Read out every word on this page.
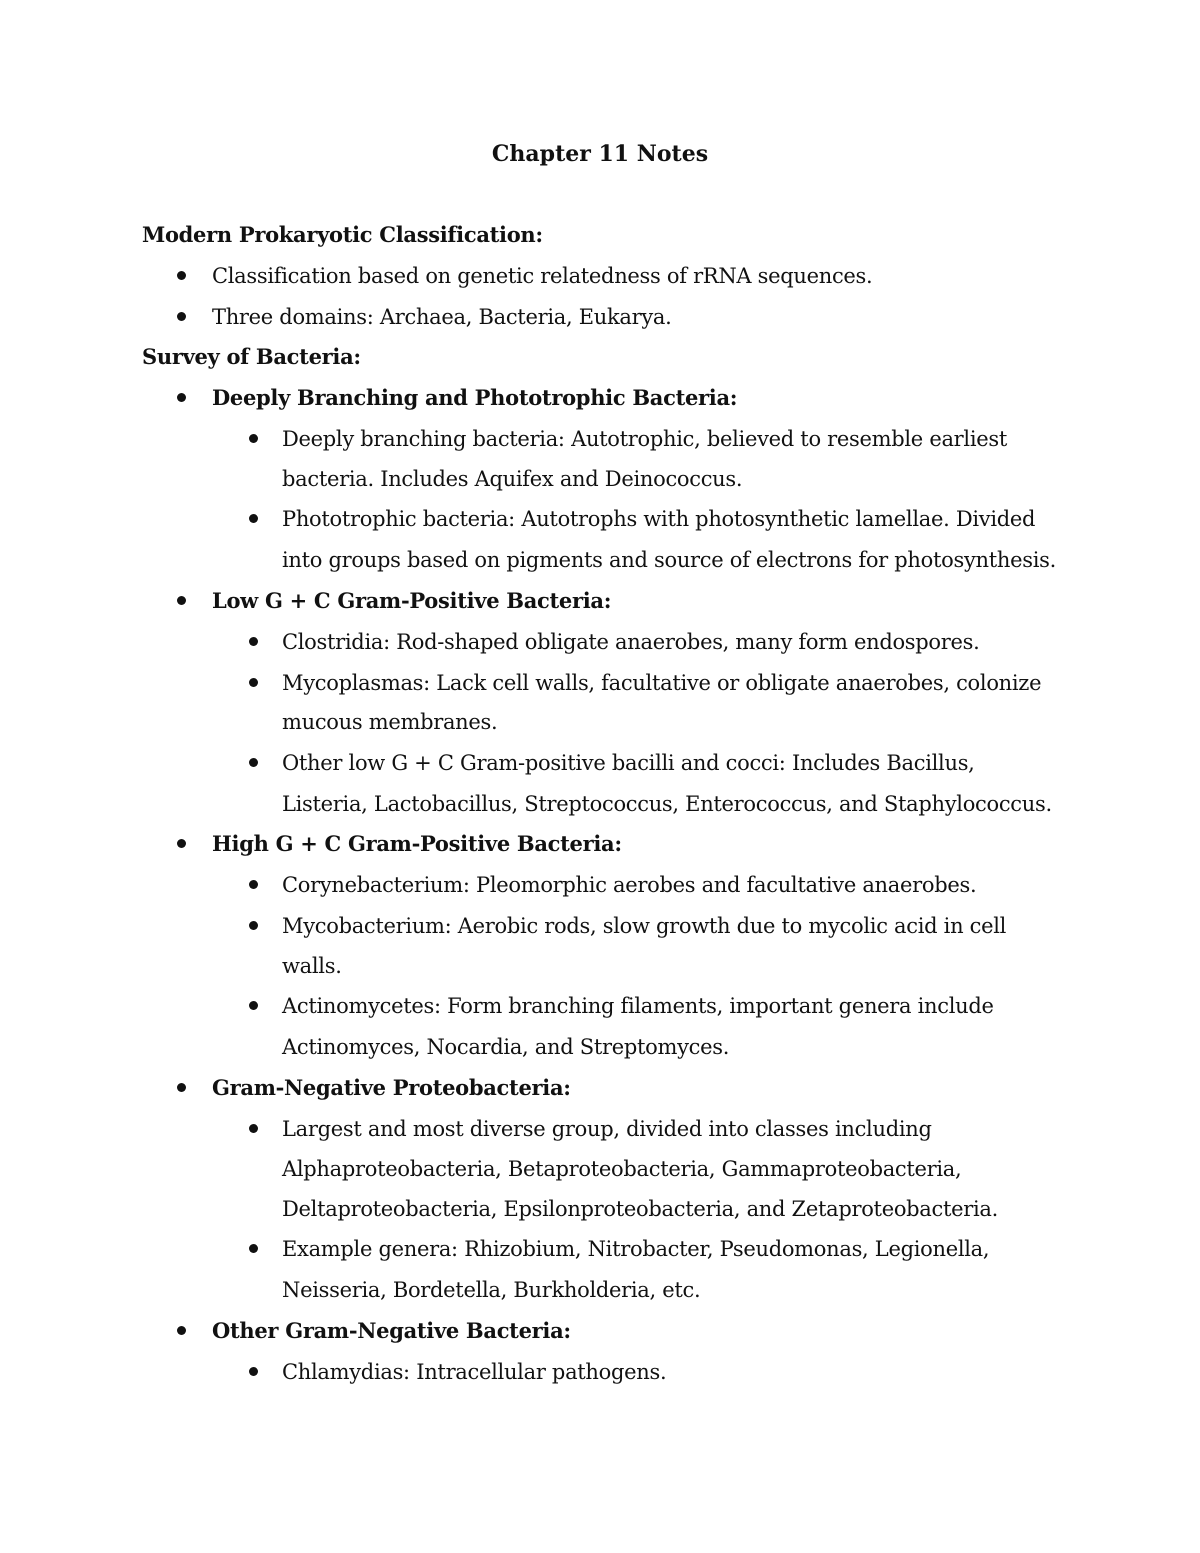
Chapter 11 Notes
Modern Prokaryotic Classification:
Classification based on genetic relatedness of rRNA sequences.
Three domains: Archaea, Bacteria, Eukarya.
Survey of Bacteria:
Deeply Branching and Phototrophic Bacteria:
Deeply branching bacteria: Autotrophic, believed to resemble earliest
bacteria. Includes Aquifex and Deinococcus.
Phototrophic bacteria: Autotrophs with photosynthetic lamellae. Divided
into groups based on pigments and source of electrons for photosynthesis.
Low G + C Gram-Positive Bacteria:
Clostridia: Rod-shaped obligate anaerobes, many form endospores.
Mycoplasmas: Lack cell walls, facultative or obligate anaerobes, colonize
mucous membranes.
Other low G + C Gram-positive bacilli and cocci: Includes Bacillus,
Listeria, Lactobacillus, Streptococcus, Enterococcus, and Staphylococcus.
High G + C Gram-Positive Bacteria:
Corynebacterium: Pleomorphic aerobes and facultative anaerobes.
Mycobacterium: Aerobic rods, slow growth due to mycolic acid in cell
walls.
Actinomycetes: Form branching filaments, important genera include
Actinomyces, Nocardia, and Streptomyces.
Gram-Negative Proteobacteria:
Largest and most diverse group, divided into classes including
Alphaproteobacteria, Betaproteobacteria, Gammaproteobacteria,
Deltaproteobacteria, Epsilonproteobacteria, and Zetaproteobacteria.
Example genera: Rhizobium, Nitrobacter, Pseudomonas, Legionella,
Neisseria, Bordetella, Burkholderia, etc.
Other Gram-Negative Bacteria:
Chlamydias: Intracellular pathogens.
